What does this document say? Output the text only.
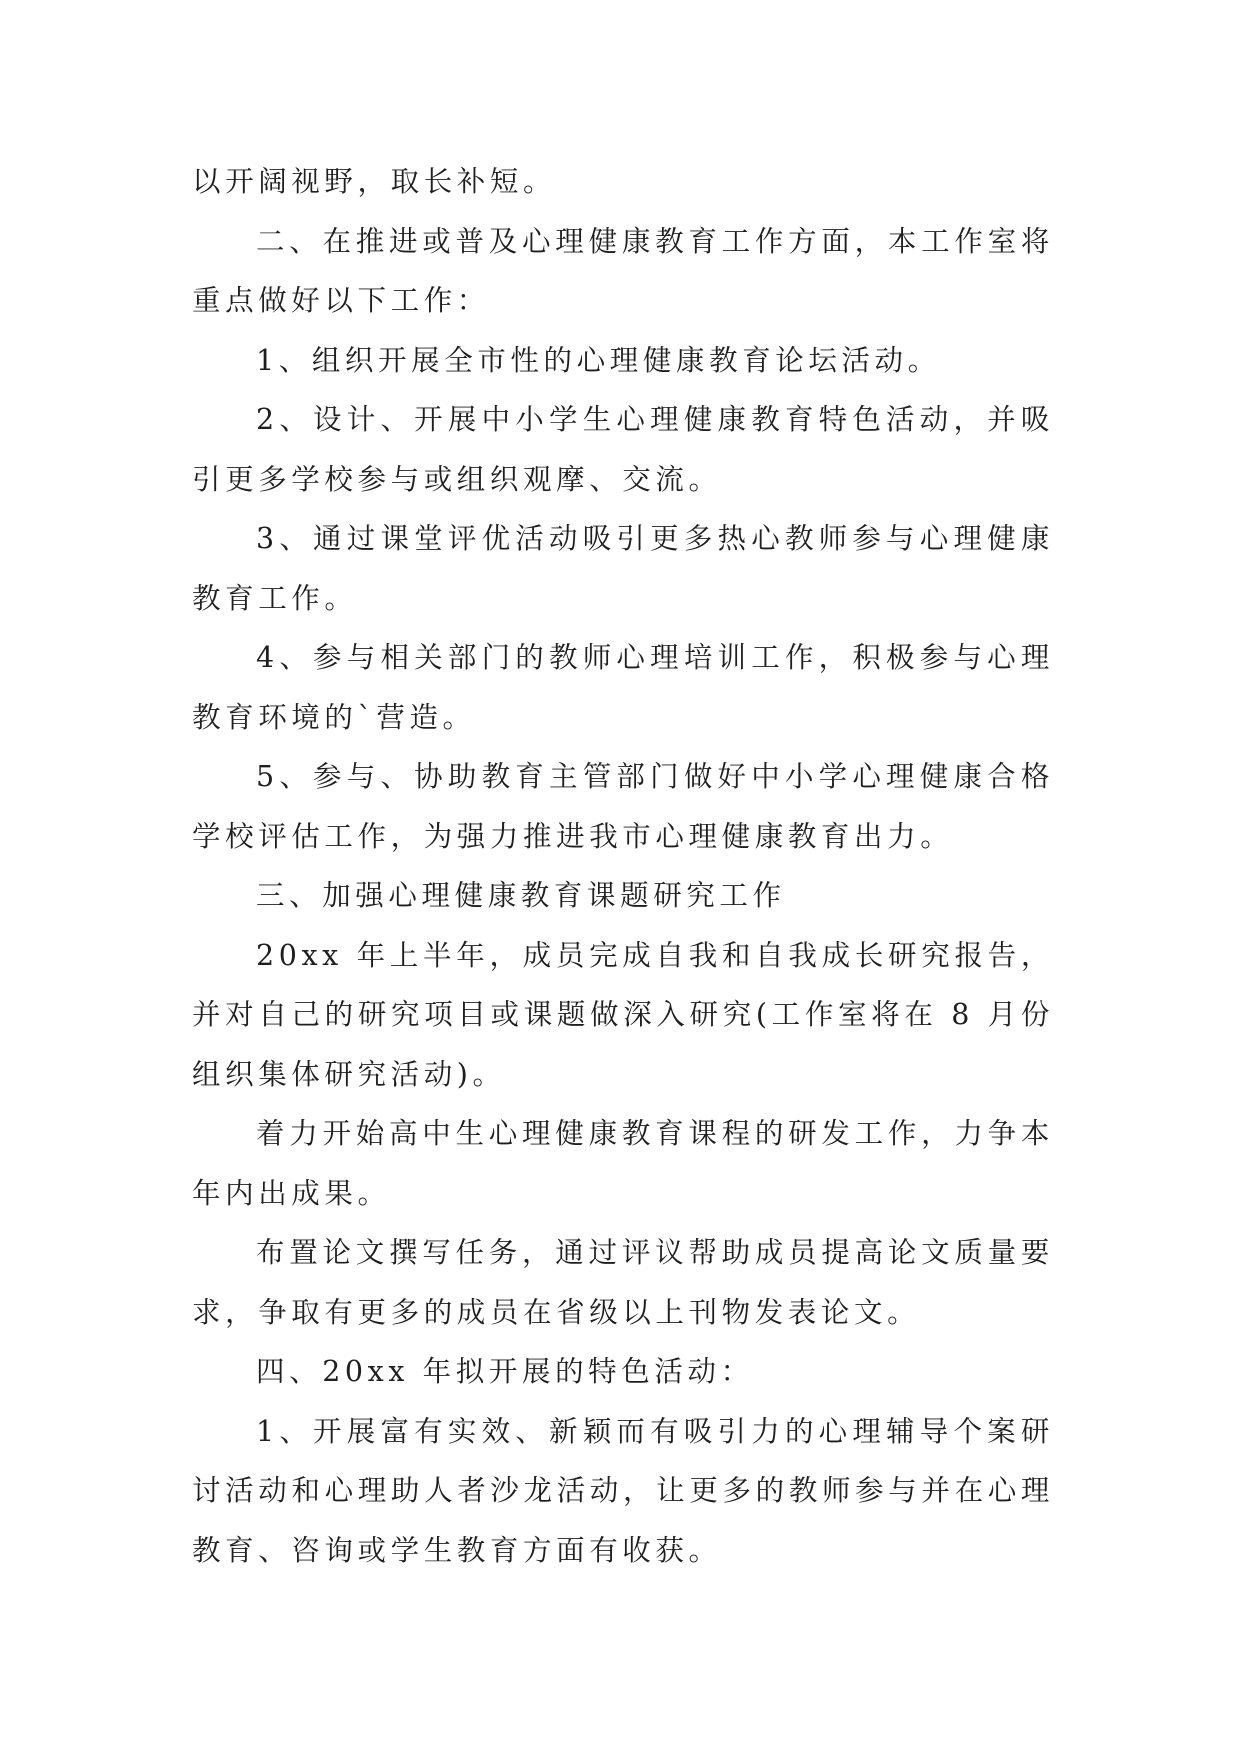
以开阔视野，取长补短。

二、在推进或普及心理健康教育工作方面，本工作室将重点做好以下工作：

1、组织开展全市性的心理健康教育论坛活动。

2、设计、开展中小学生心理健康教育特色活动，并吸引更多学校参与或组织观摩、交流。

3、通过课堂评优活动吸引更多热心教师参与心理健康教育工作。

4、参与相关部门的教师心理培训工作，积极参与心理教育环境的`营造。

5、参与、协助教育主管部门做好中小学心理健康合格学校评估工作，为强力推进我市心理健康教育出力。

三、加强心理健康教育课题研究工作

20xx 年上半年，成员完成自我和自我成长研究报告，并对自己的研究项目或课题做深入研究(工作室将在 8 月份组织集体研究活动)。

着力开始高中生心理健康教育课程的研发工作，力争本年内出成果。

布置论文撰写任务，通过评议帮助成员提高论文质量要求，争取有更多的成员在省级以上刊物发表论文。

四、20xx 年拟开展的特色活动：

1、开展富有实效、新颖而有吸引力的心理辅导个案研讨活动和心理助人者沙龙活动，让更多的教师参与并在心理教育、咨询或学生教育方面有收获。
